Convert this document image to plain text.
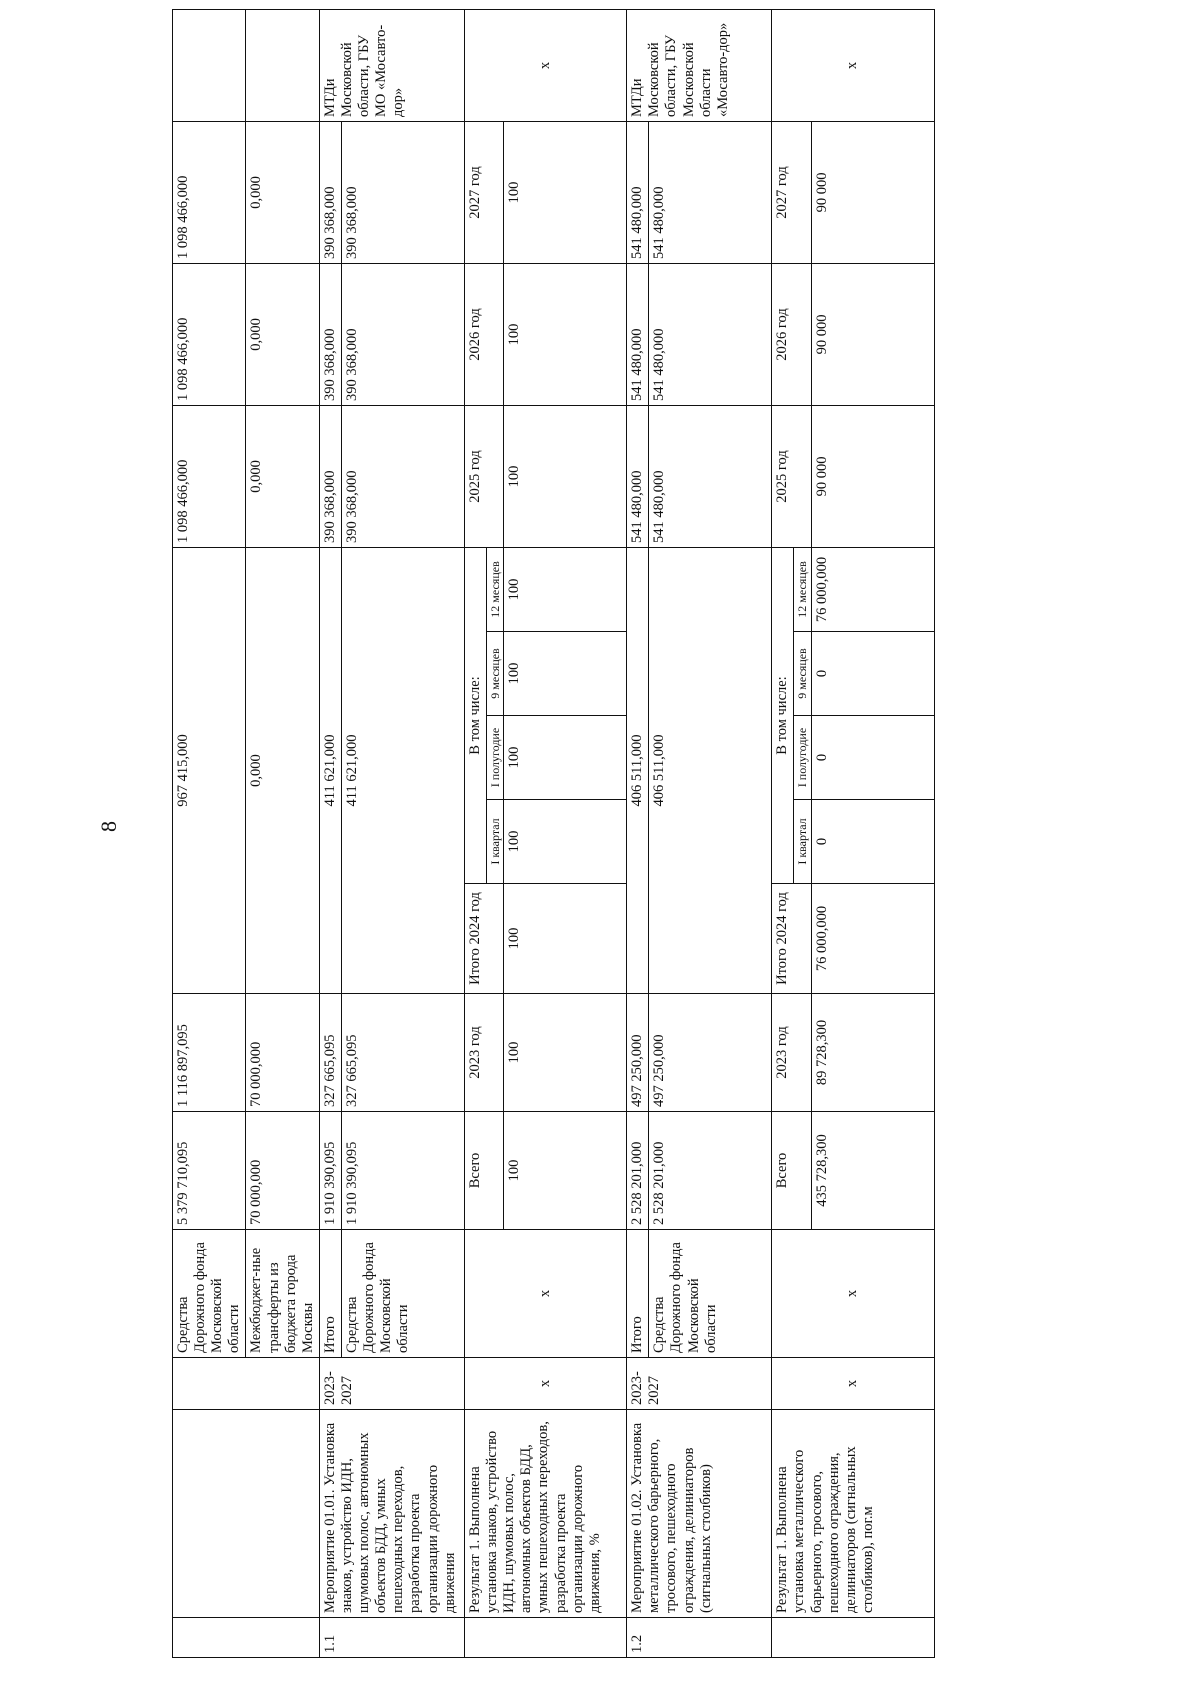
8
			Средства Дорожного фонда Московской области	5 379 710,095	1 116 897,095	967 415,000					1 098 466,000	1 098 466,000	1 098 466,000	
			Межбюджет-ные трансферты из бюджета города Москвы	70 000,000	70 000,000	0,000					0,000	0,000	0,000	
1.1	Мероприятие 01.01. Установка знаков, устройство ИДН, шумовых полос, автономных объектов БДД, умных пешеходных переходов, разработка проекта организации дорожного движения	2023-2027	Итого	1 910 390,095	327 665,095	411 621,000					390 368,000	390 368,000	390 368,000	МТДи Московской области, ГБУ МО «Мосавто-дор»
			Средства Дорожного фонда Московской области	1 910 390,095	327 665,095	411 621,000					390 368,000	390 368,000	390 368,000	
	Результат 1. Выполнена установка знаков, устройство ИДН, шумовых полос, автономных объектов БДД, умных пешеходных переходов, разработка проекта организации дорожного движения, %	x	x	Всего	2023 год	Итого 2024 год	В том числе:				2025 год	2026 год	2027 год	x
							I квартал	I полугодие	9 месяцев	12 месяцев				
				100	100	100	100	100	100	100	100	100	100	
1.2	Мероприятие 01.02. Установка металлического барьерного, тросового, пешеходного ограждения, делиниаторов (сигнальных столбиков)	2023-2027	Итого	2 528 201,000	497 250,000	406 511,000					541 480,000	541 480,000	541 480,000	МТДи Московской области, ГБУ Московской области «Мосавто-дор»
			Средства Дорожного фонда Московской области	2 528 201,000	497 250,000	406 511,000					541 480,000	541 480,000	541 480,000	
	Результат 1. Выполнена установка металлического барьерного, тросового, пешеходного ограждения, делиниаторов (сигнальных столбиков), пог.м	x	x	Всего	2023 год	Итого 2024 год	В том числе:				2025 год	2026 год	2027 год	x
							I квартал	I полугодие	9 месяцев	12 месяцев				
				435 728,300	89 728,300	76 000,000	0	0	0	76 000,000	90 000	90 000	90 000	
